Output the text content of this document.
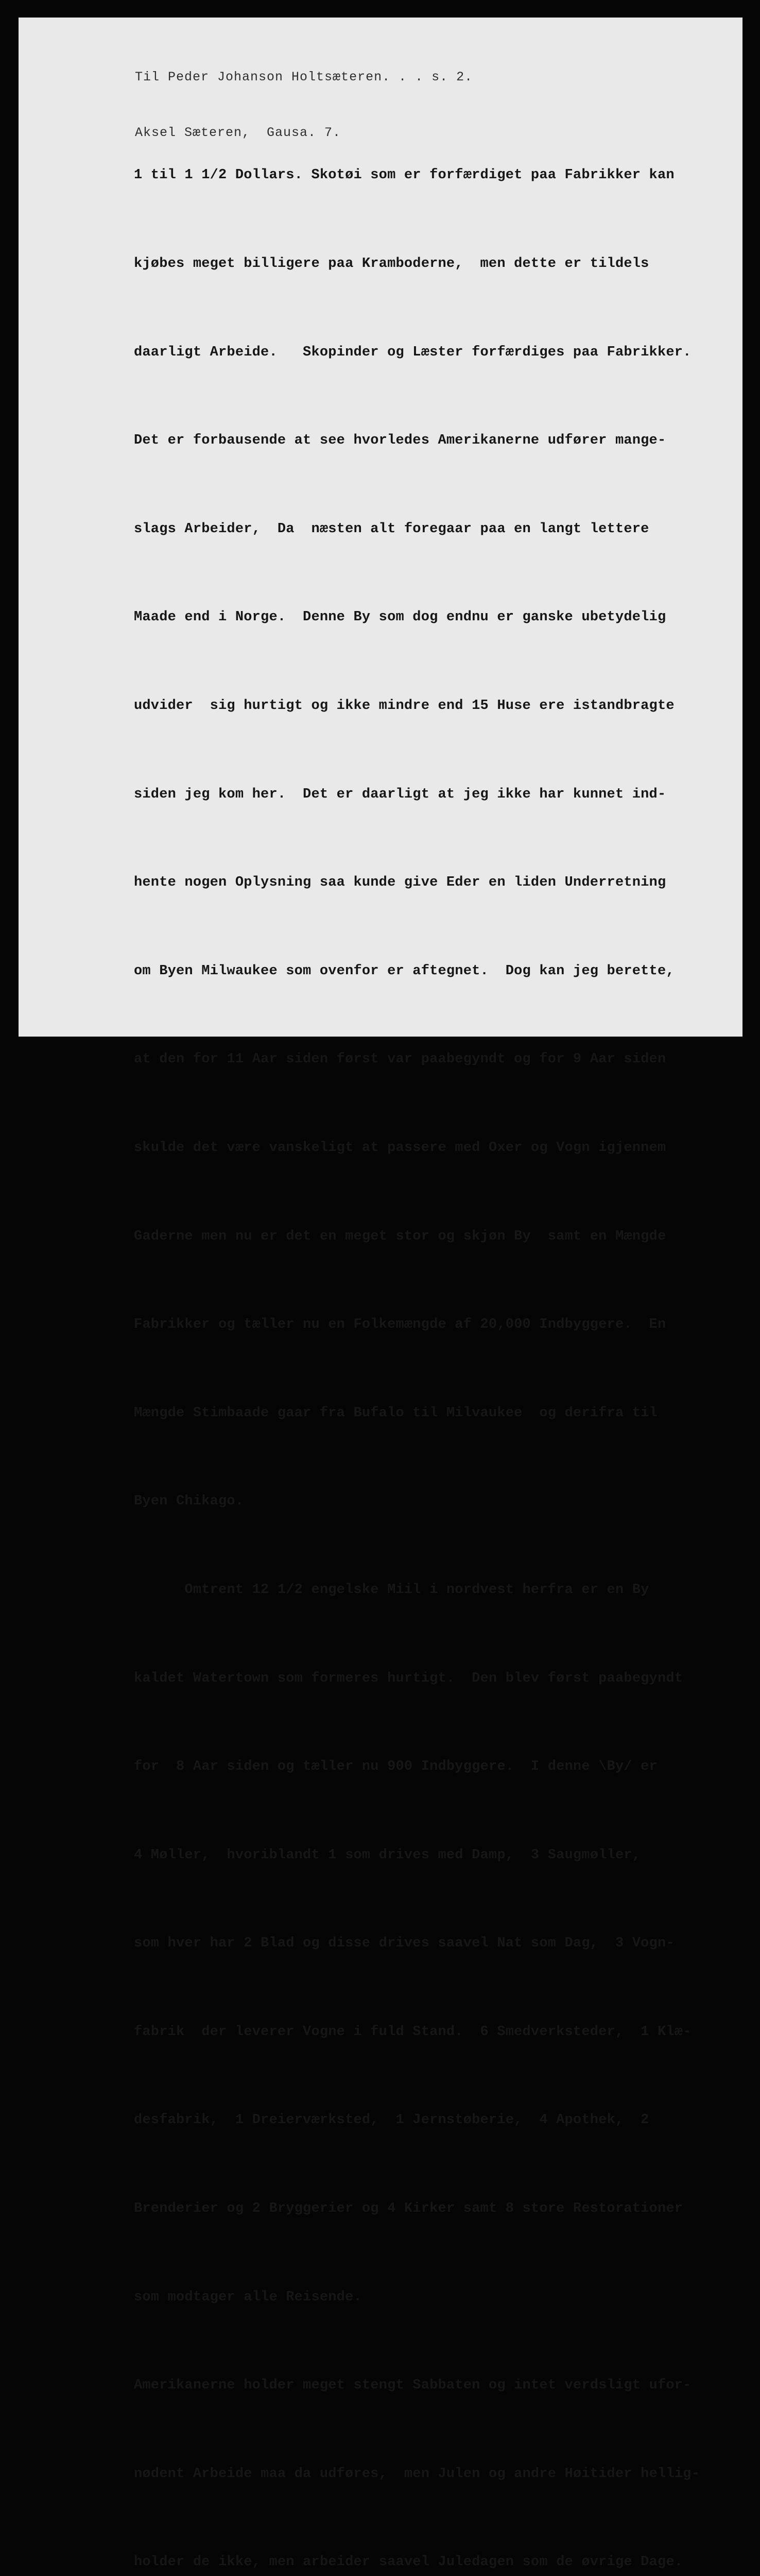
Til Peder Johanson Holtsæteren. . . s. 2.

Aksel Sæteren,  Gausa. 7.

1 til 1 1/2 Dollars. Skotøi som er forfærdiget paa Fabrikker kan

kjøbes meget billigere paa Kramboderne,  men dette er tildels

daarligt Arbeide.   Skopinder og Læster forfærdiges paa Fabrikker.

Det er forbausende at see hvorledes Amerikanerne udfører mange-

slags Arbeider,  Da  næsten alt foregaar paa en langt lettere

Maade end i Norge.  Denne By som dog endnu er ganske ubetydelig

udvider  sig hurtigt og ikke mindre end 15 Huse ere istandbragte

siden jeg kom her.  Det er daarligt at jeg ikke har kunnet ind-

hente nogen Oplysning saa kunde give Eder en liden Underretning

om Byen Milwaukee som ovenfor er aftegnet.  Dog kan jeg berette,

at den for 11 Aar siden først var paabegyndt og for 9 Aar siden

skulde det være vanskeligt at passere med Oxer og Vogn igjennem

Gaderne men nu er det en meget stor og skjøn By  samt en Mængde

Fabrikker og tæller nu en Folkemængde af 20,000 Indbyggere.  En

Mængde Stimbaade gaar fra Bufalo til Milvaukee  og derifra til

Byen Chikago.

Omtrent 12 1/2 engelske Miil i nordvest herfra er en By

kaldet Watertown som formeres hurtigt.  Den blev først paabegyndt

for  8 Aar siden og tæller nu 900 Indbyggere.  I denne \By/ er

4 Møller,  hvoriblandt 1 som drives med Damp,  3 Saugmøller,

som hver har 2 Blad og disse drives saavel Nat som Dag,  3 Vogn-

fabrik  der leverer Vogne i fuld Stand.  6 Smedverksteder,  1 Klæ-

desfabrik,  1 Dreierværksted,  1 Jernstøberie,  4 Apothek,  2

Brenderier og 2 Bryggerier og 4 Kirker samt 8 store Restorationer

som modtager alle Reisende.

Amerikanerne holder meget stengt Sabbaten og intet verdsligt ufor-

nødent Arbeide maa da udføres,  men Julen og andre Høitider hellig-

holder de ikke, men arbeider saavel Juledagen som de øvrige Dage.
